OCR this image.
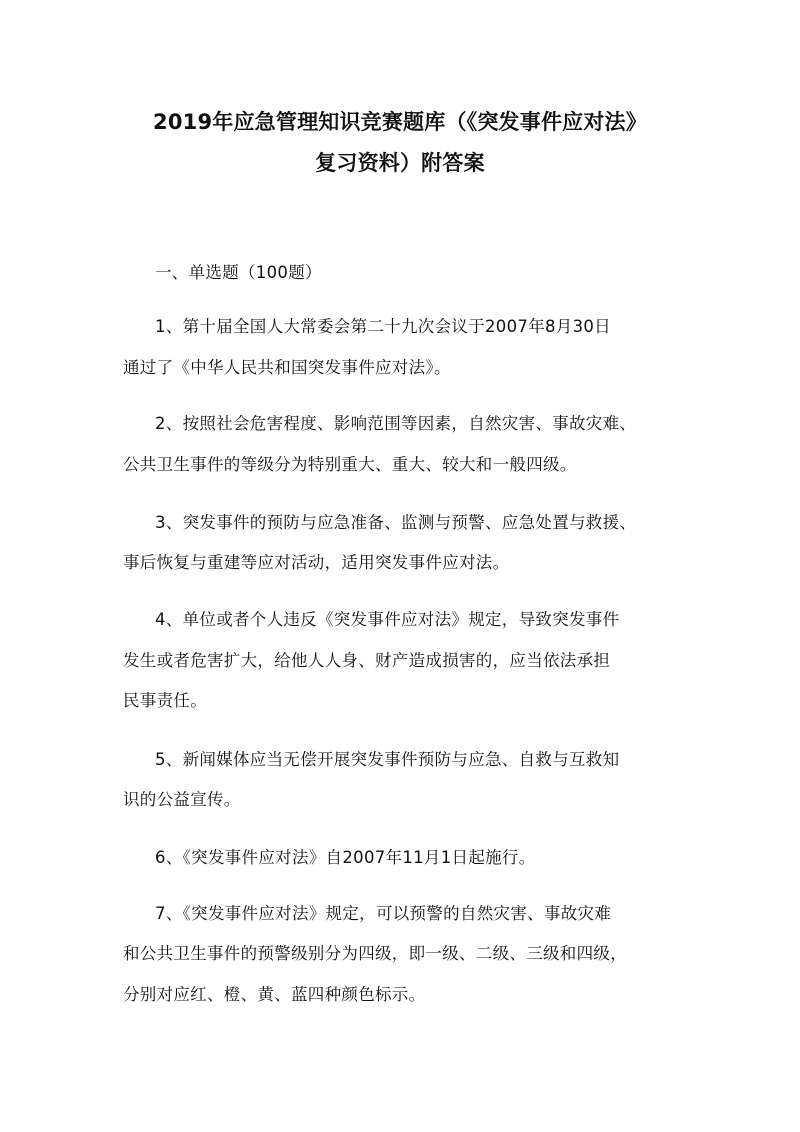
2019年应急管理知识竞赛题库（《突发事件应对法》
复习资料）附答案
一、单选题（100题）
1、第十届全国人大常委会第二十九次会议于2007年8月30日
通过了《中华人民共和国突发事件应对法》。
2、按照社会危害程度、影响范围等因素，自然灾害、事故灾难、
公共卫生事件的等级分为特别重大、重大、较大和一般四级。
3、突发事件的预防与应急准备、监测与预警、应急处置与救援、
事后恢复与重建等应对活动，适用突发事件应对法。
4、单位或者个人违反《突发事件应对法》规定，导致突发事件
发生或者危害扩大，给他人人身、财产造成损害的，应当依法承担
民事责任。
5、新闻媒体应当无偿开展突发事件预防与应急、自救与互救知
识的公益宣传。
6、《突发事件应对法》自2007年11月1日起施行。
7、《突发事件应对法》规定，可以预警的自然灾害、事故灾难
和公共卫生事件的预警级别分为四级，即一级、二级、三级和四级，
分别对应红、橙、黄、蓝四种颜色标示。
